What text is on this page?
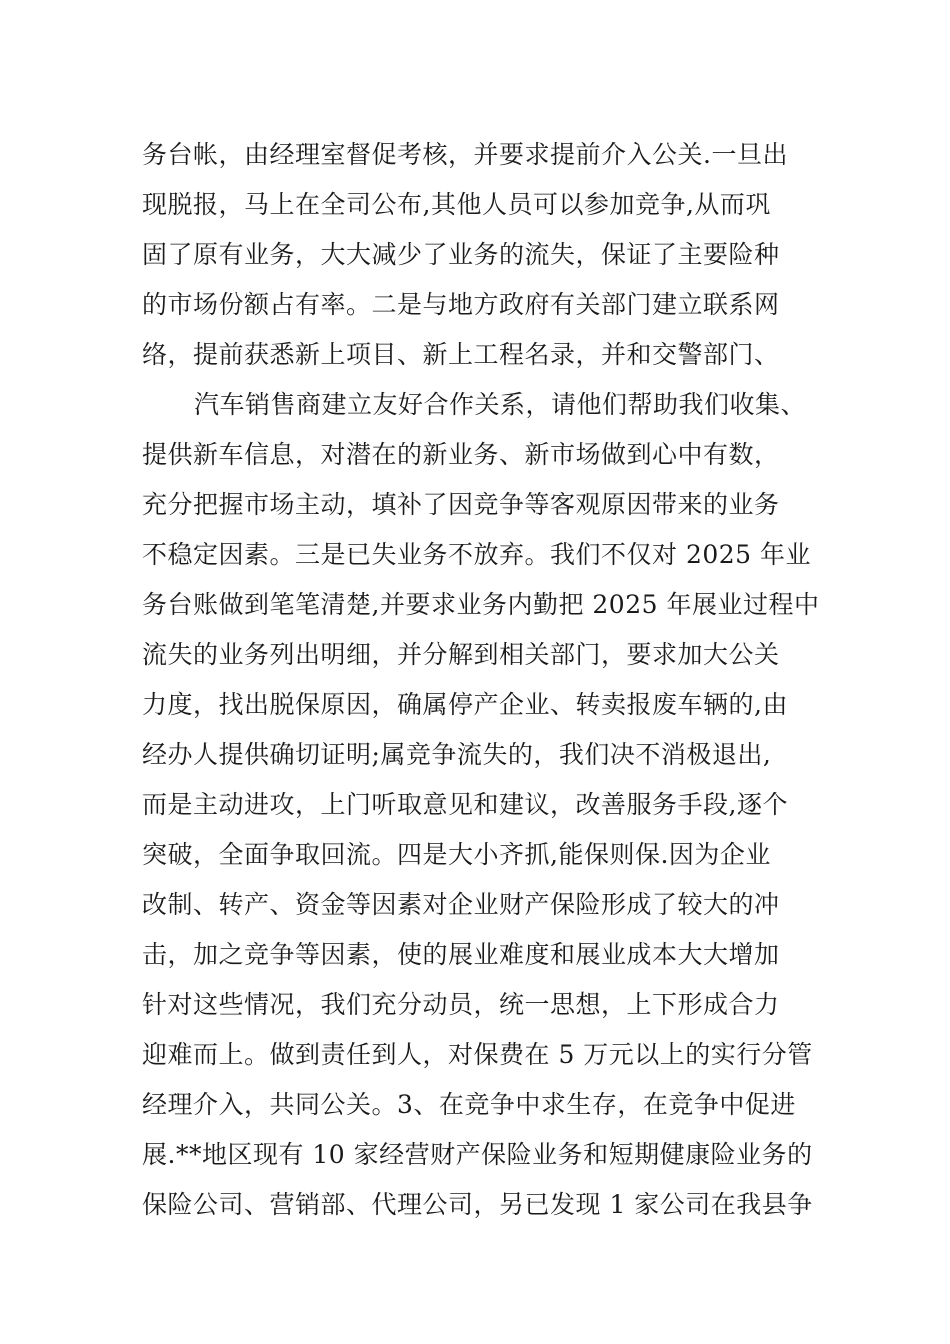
务台帐，由经理室督促考核，并要求提前介入公关.一旦出
现脱报，马上在全司公布,其他人员可以参加竞争,从而巩
固了原有业务，大大减少了业务的流失，保证了主要险种
的市场份额占有率。二是与地方政府有关部门建立联系网
络，提前获悉新上项目、新上工程名录，并和交警部门、
汽车销售商建立友好合作关系，请他们帮助我们收集、
提供新车信息，对潜在的新业务、新市场做到心中有数，
充分把握市场主动，填补了因竞争等客观原因带来的业务
不稳定因素。三是已失业务不放弃。我们不仅对 2025 年业
务台账做到笔笔清楚,并要求业务内勤把 2025 年展业过程中
流失的业务列出明细，并分解到相关部门，要求加大公关
力度，找出脱保原因，确属停产企业、转卖报废车辆的,由
经办人提供确切证明;属竞争流失的，我们决不消极退出,
而是主动进攻，上门听取意见和建议，改善服务手段,逐个
突破，全面争取回流。四是大小齐抓,能保则保.因为企业
改制、转产、资金等因素对企业财产保险形成了较大的冲
击，加之竞争等因素，使的展业难度和展业成本大大增加
针对这些情况，我们充分动员，统一思想，上下形成合力
迎难而上。做到责任到人，对保费在 5 万元以上的实行分管
经理介入，共同公关。3、在竞争中求生存，在竞争中促进
展.**地区现有 10 家经营财产保险业务和短期健康险业务的
保险公司、营销部、代理公司，另已发现 1 家公司在我县争
